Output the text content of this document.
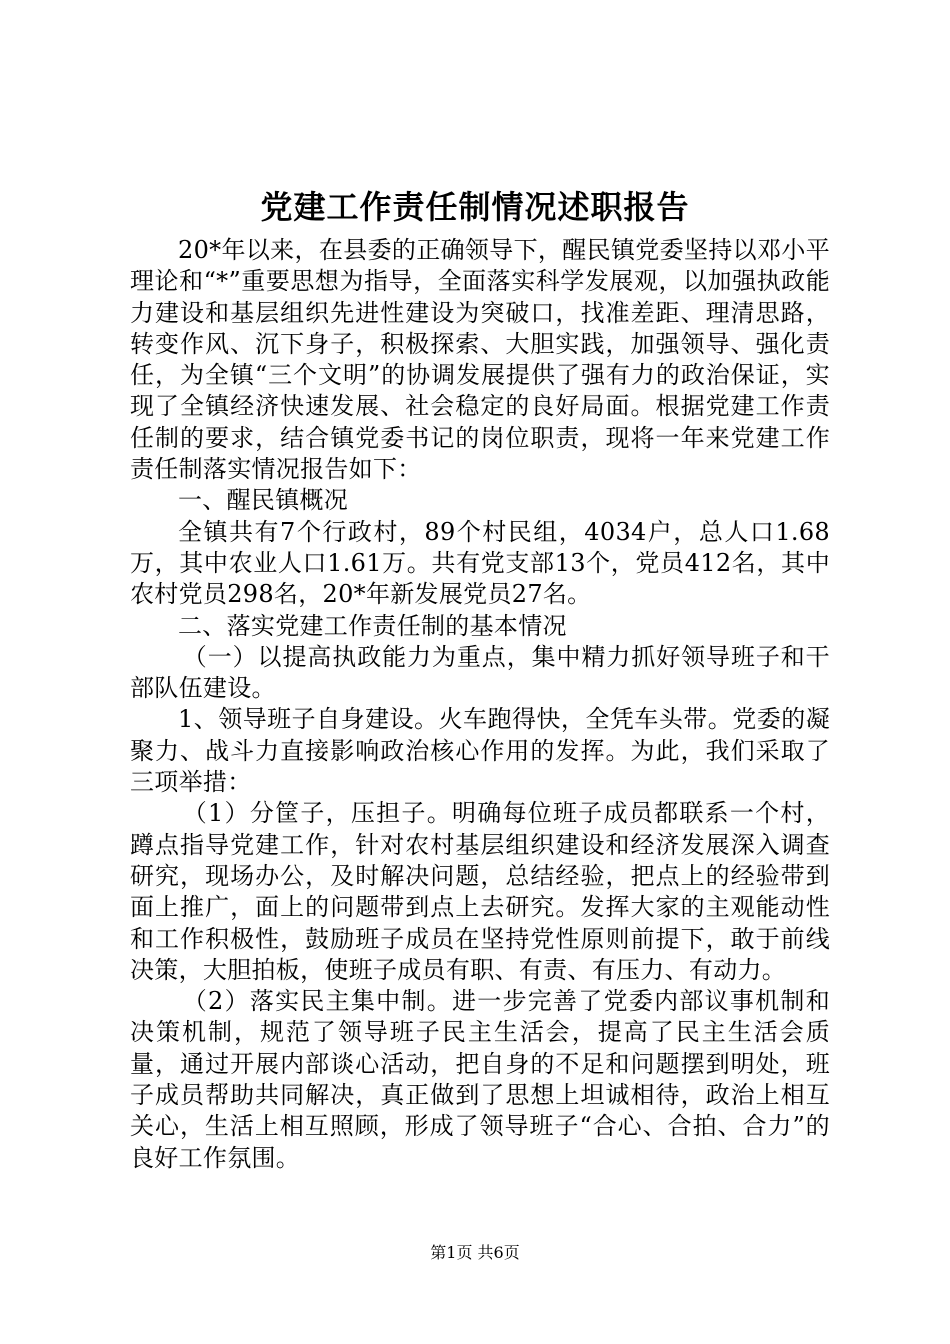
党建工作责任制情况述职报告

20*年以来，在县委的正确领导下，醒民镇党委坚持以邓小平理论和“*”重要思想为指导，全面落实科学发展观，以加强执政能力建设和基层组织先进性建设为突破口，找准差距、理清思路，转变作风、沉下身子，积极探索、大胆实践，加强领导、强化责任，为全镇“三个文明”的协调发展提供了强有力的政治保证，实现了全镇经济快速发展、社会稳定的良好局面。根据党建工作责任制的要求，结合镇党委书记的岗位职责，现将一年来党建工作责任制落实情况报告如下：

一、醒民镇概况

全镇共有7个行政村，89个村民组，4034户，总人口1.68万，其中农业人口1.61万。共有党支部13个，党员412名，其中农村党员298名，20*年新发展党员27名。

二、落实党建工作责任制的基本情况

（一）以提高执政能力为重点，集中精力抓好领导班子和干部队伍建设。

1、领导班子自身建设。火车跑得快，全凭车头带。党委的凝聚力、战斗力直接影响政治核心作用的发挥。为此，我们采取了三项举措：

（1）分筐子，压担子。明确每位班子成员都联系一个村，蹲点指导党建工作，针对农村基层组织建设和经济发展深入调查研究，现场办公，及时解决问题，总结经验，把点上的经验带到面上推广，面上的问题带到点上去研究。发挥大家的主观能动性和工作积极性，鼓励班子成员在坚持党性原则前提下，敢于前线决策，大胆拍板，使班子成员有职、有责、有压力、有动力。

（2）落实民主集中制。进一步完善了党委内部议事机制和决策机制，规范了领导班子民主生活会，提高了民主生活会质量，通过开展内部谈心活动，把自身的不足和问题摆到明处，班子成员帮助共同解决，真正做到了思想上坦诚相待，政治上相互关心，生活上相互照顾，形成了领导班子“合心、合拍、合力”的良好工作氛围。

第1页 共6页
